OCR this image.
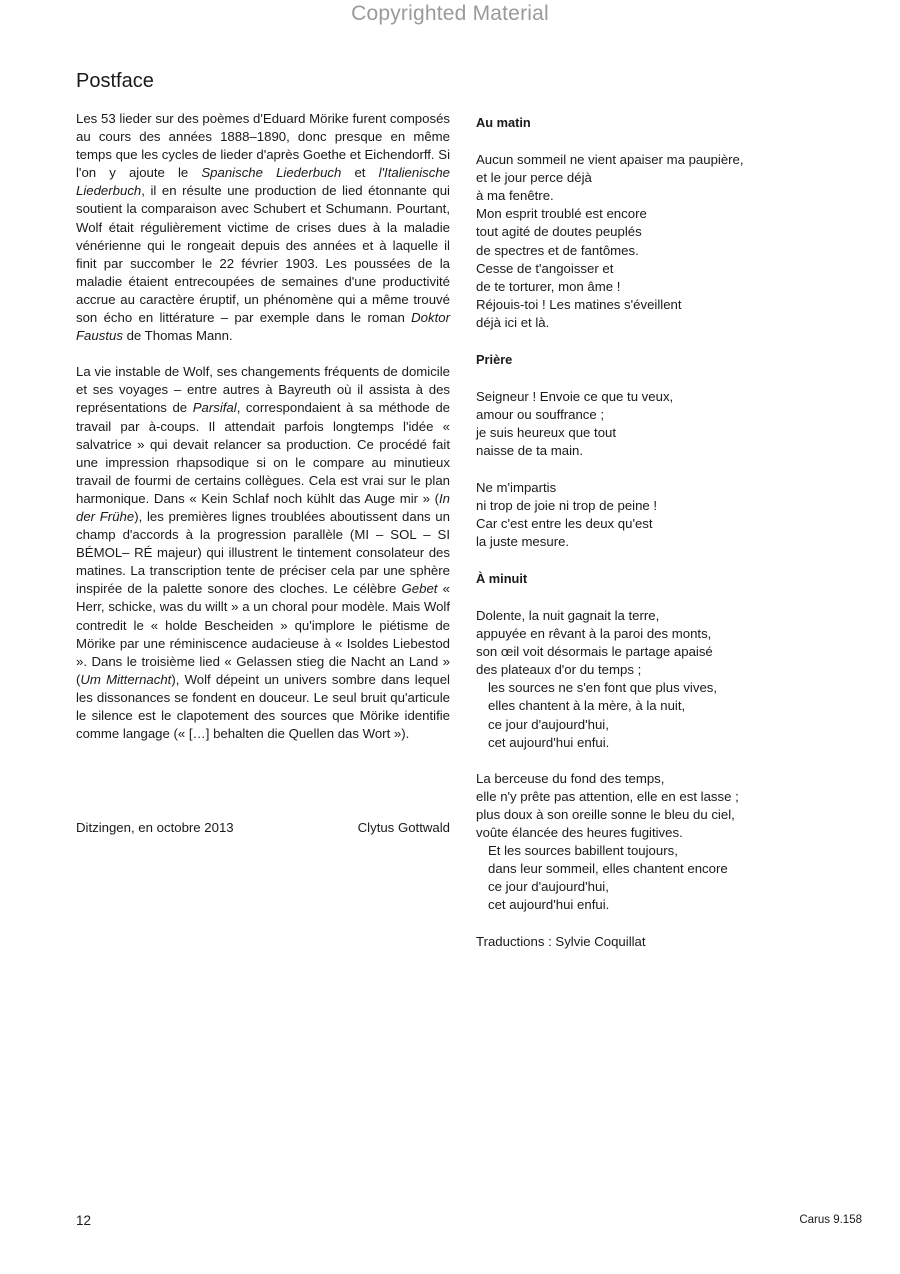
Copyrighted Material
Postface

Les 53 lieder sur des poèmes d'Eduard Mörike furent composés au cours des années 1888–1890, donc presque en même temps que les cycles de lieder d'après Goethe et Eichendorff. Si l'on y ajoute le Spanische Liederbuch et l'Italienische Liederbuch, il en résulte une production de lied étonnante qui soutient la comparaison avec Schubert et Schumann. Pourtant, Wolf était régulièrement victime de crises dues à la maladie vénérienne qui le rongeait depuis des années et à laquelle il finit par succomber le 22 février 1903. Les poussées de la maladie étaient entrecoupées de semaines d'une productivité accrue au caractère éruptif, un phénomène qui a même trouvé son écho en littérature – par exemple dans le roman Doktor Faustus de Thomas Mann.

La vie instable de Wolf, ses changements fréquents de domicile et ses voyages – entre autres à Bayreuth où il assista à des représentations de Parsifal, correspondaient à sa méthode de travail par à-coups. Il attendait parfois longtemps l'idée « salvatrice » qui devait relancer sa production. Ce procédé fait une impression rhapsodique si on le compare au minutieux travail de fourmi de certains collègues. Cela est vrai sur le plan harmonique. Dans « Kein Schlaf noch kühlt das Auge mir » (In der Frühe), les premières lignes troublées aboutissent dans un champ d'accords à la progression parallèle (MI – SOL – SI BÉMOL– RÉ majeur) qui illustrent le tintement consolateur des matines. La transcription tente de préciser cela par une sphère inspirée de la palette sonore des cloches. Le célèbre Gebet « Herr, schicke, was du willt » a un choral pour modèle. Mais Wolf contredit le « holde Bescheiden » qu'implore le piétisme de Mörike par une réminiscence audacieuse à « Isoldes Liebestod ». Dans le troisième lied « Gelassen stieg die Nacht an Land » (Um Mitternacht), Wolf dépeint un univers sombre dans lequel les dissonances se fondent en douceur. Le seul bruit qu'articule le silence est le clapotement des sources que Mörike identifie comme langage (« […] behalten die Quellen das Wort »).

Ditzingen, en octobre 2013	Clytus Gottwald
Au matin
Aucun sommeil ne vient apaiser ma paupière,
et le jour perce déjà
à ma fenêtre.
Mon esprit troublé est encore
tout agité de doutes peuplés
de spectres et de fantômes.
Cesse de t'angoisser et
de te torturer, mon âme !
Réjouis-toi ! Les matines s'éveillent
déjà ici et là.
Prière
Seigneur ! Envoie ce que tu veux,
amour ou souffrance ;
je suis heureux que tout
naisse de ta main.
Ne m'impartis
ni trop de joie ni trop de peine !
Car c'est entre les deux qu'est
la juste mesure.
À minuit
Dolente, la nuit gagnait la terre,
appuyée en rêvant à la paroi des monts,
son œil voit désormais le partage apaisé
des plateaux d'or du temps ;
les sources ne s'en font que plus vives,
elles chantent à la mère, à la nuit,
ce jour d'aujourd'hui,
cet aujourd'hui enfui.
La berceuse du fond des temps,
elle n'y prête pas attention, elle en est lasse ;
plus doux à son oreille sonne le bleu du ciel,
voûte élancée des heures fugitives.
Et les sources babillent toujours,
dans leur sommeil, elles chantent encore
ce jour d'aujourd'hui,
cet aujourd'hui enfui.
Traductions : Sylvie Coquillat
12	Carus 9.158
